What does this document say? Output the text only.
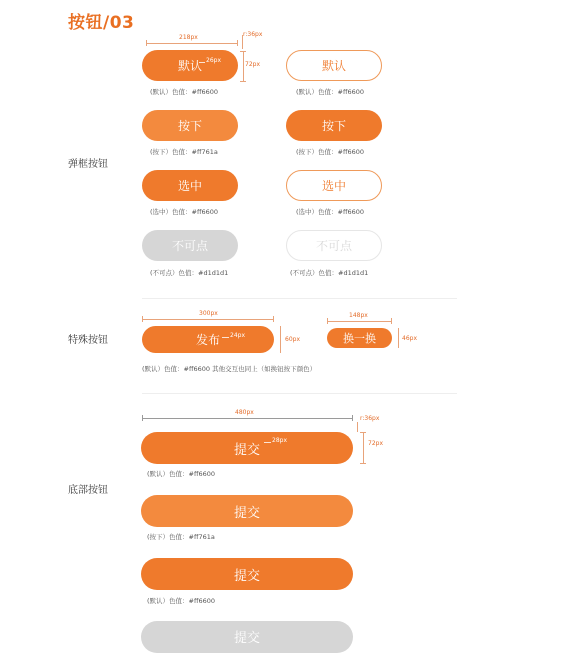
按钮/03
弹框按钮
218px	r:36px
72px
默认 26px	默认
(默认）色值：#ff6600	(默认）色值：#ff6600
按下	按下
(按下）色值：#ff761a	(按下）色值：#ff6600
选中	选中
(选中）色值：#ff6600	(选中）色值：#ff6600
不可点	不可点
(不可点）色值：#d1d1d1	(不可点）色值：#d1d1d1
特殊按钮
300px
发布 24px
60px
148px
换一换	46px
(默认）色值：#ff6600 其他交互也同上（如换钮按下颜色）
底部按钮
480px
r:36px
提交
28px	72px
(默认）色值：#ff6600
提交
(按下）色值：#ff761a
提交
(默认）色值：#ff6600
提交
